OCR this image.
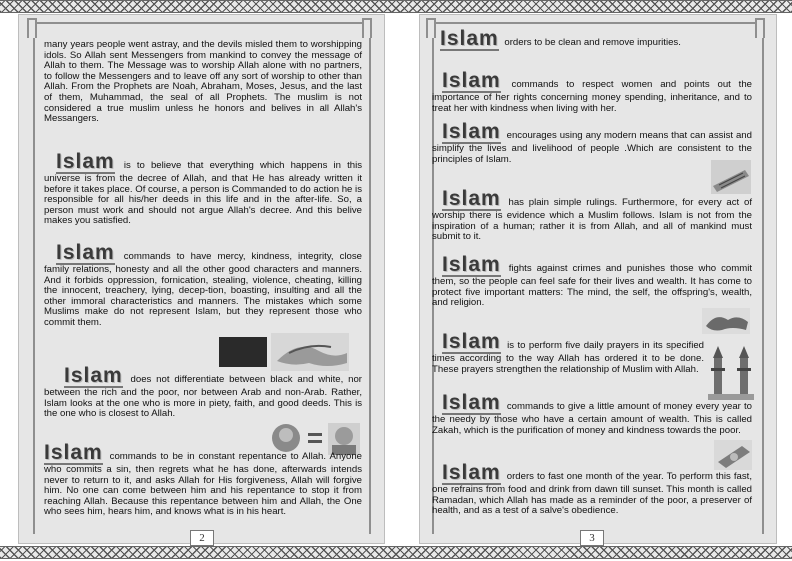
many years people went astray, and the devils misled them to worshipping idols. So Allah sent Messengers from mankind to convey the message of Allah to them. The Message was to worship Allah alone with no partners, to follow the Messengers and to leave off any sort of worship to other than Allah. From the Prophets are Noah, Abraham, Moses, Jesus, and the last of them, Muhammad, the seal of all Prophets. The muslim is not considered a true muslim unless he honors and belives in all Allah's Messangers.

Islam is to believe that everything which happens in this universe is from the decree of Allah, and that He has already written it before it takes place. Of course, a person is Commanded to do action he is responsible for all his/her deeds in this life and in the after-life. So, a person must work and should not argue Allah's decree. And this belive makes you satisfied.

Islam commands to have mercy, kindness, integrity, close family relations, honesty and all the other good characters and manners. And it forbids oppression, fornication, stealing, violence, cheating, killing the innocent, treachery, lying, decep-tion, boasting, insulting and all the other immoral characteristics and manners. The mistakes which some Muslims make do not represent Islam, but they represent those who commit them.

Islam does not differentiate between black and white, nor between the rich and the poor, nor between Arab and non-Arab. Rather, Islam looks at the one who is more in piety, faith, and good deeds. This is the one who is closest to Allah.

Islam commands to be in constant repentance to Allah. Anyone who commits a sin, then regrets what he has done, afterwards intends never to return to it, and asks Allah for His forgiveness, Allah will forgive him. No one can come between him and his repentance to stop it from reaching Allah. Because this repentance between him and Allah, the One who sees him, hears him, and knows what is in his heart.

2

Islam orders to be clean and remove impurities.

Islam commands to respect women and points out the importance of her rights concerning money spending, inheritance, and to treat her with kindness when living with her.

Islam encourages using any modern means that can assist and simplify the lives and livelihood of people .Which are consistent to the principles of Islam.

Islam has plain simple rulings. Furthermore, for every act of worship there is evidence which a Muslim follows. Islam is not from the inspiration of a human; rather it is from Allah, and all of mankind must submit to it.

Islam fights against crimes and punishes those who commit them, so the people can feel safe for their lives and wealth. It has come to protect five important matters: The mind, the self, the offspring's, wealth, and religion.

Islam is to perform five daily prayers in its specified times according to the way Allah has ordered it to be done. These prayers strengthen the relationship of Muslim with Allah.

Islam commands to give a little amount of money every year to the needy by those who have a certain amount of wealth. This is called Zakah, which is the purification of money and kindness towards the poor.

Islam orders to fast one month of the year. To perform this fast, one refrains from food and drink from dawn till sunset. This month is called Ramadan, which Allah has made as a reminder of the poor, a preserver of health, and as a test of a salve's obedience.

3
